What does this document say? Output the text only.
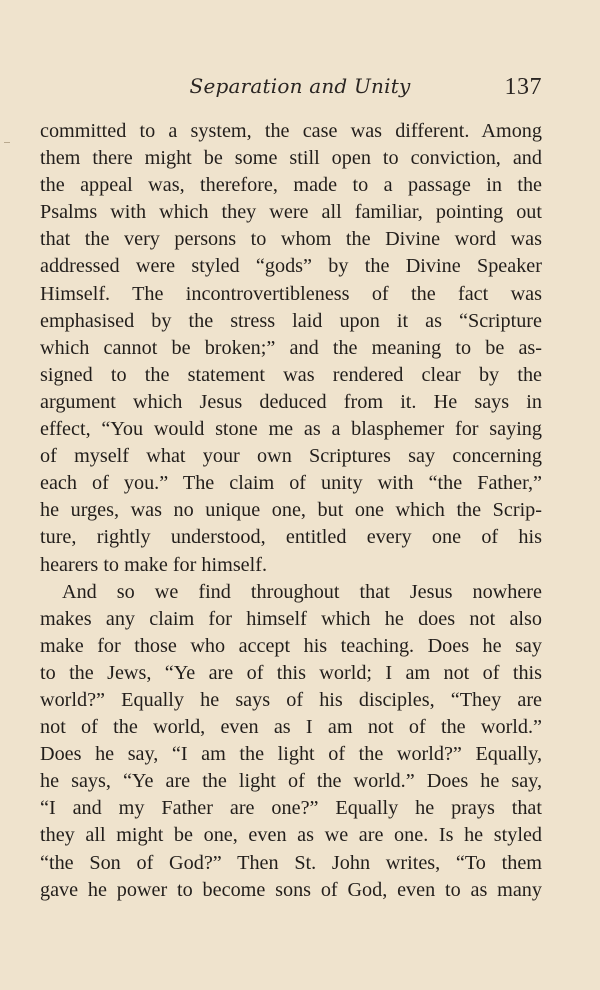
Separation and Unity	137
committed to a system, the case was different. Among
them there might be some still open to conviction, and
the appeal was, therefore, made to a passage in the
Psalms with which they were all familiar, pointing out
that the very persons to whom the Divine word was
addressed were styled “gods” by the Divine Speaker
Himself. The incontrovertibleness of the fact was
emphasised by the stress laid upon it as “Scripture
which cannot be broken;” and the meaning to be as-
signed to the statement was rendered clear by the
argument which Jesus deduced from it. He says in
effect, “You would stone me as a blasphemer for saying
of myself what your own Scriptures say concerning
each of you.” The claim of unity with “the Father,”
he urges, was no unique one, but one which the Scrip-
ture, rightly understood, entitled every one of his
hearers to make for himself.
And so we find throughout that Jesus nowhere
makes any claim for himself which he does not also
make for those who accept his teaching. Does he say
to the Jews, “Ye are of this world; I am not of this
world?” Equally he says of his disciples, “They are
not of the world, even as I am not of the world.”
Does he say, “I am the light of the world?” Equally,
he says, “Ye are the light of the world.” Does he say,
“I and my Father are one?” Equally he prays that
they all might be one, even as we are one. Is he styled
“the Son of God?” Then St. John writes, “To them
gave he power to become sons of God, even to as many
